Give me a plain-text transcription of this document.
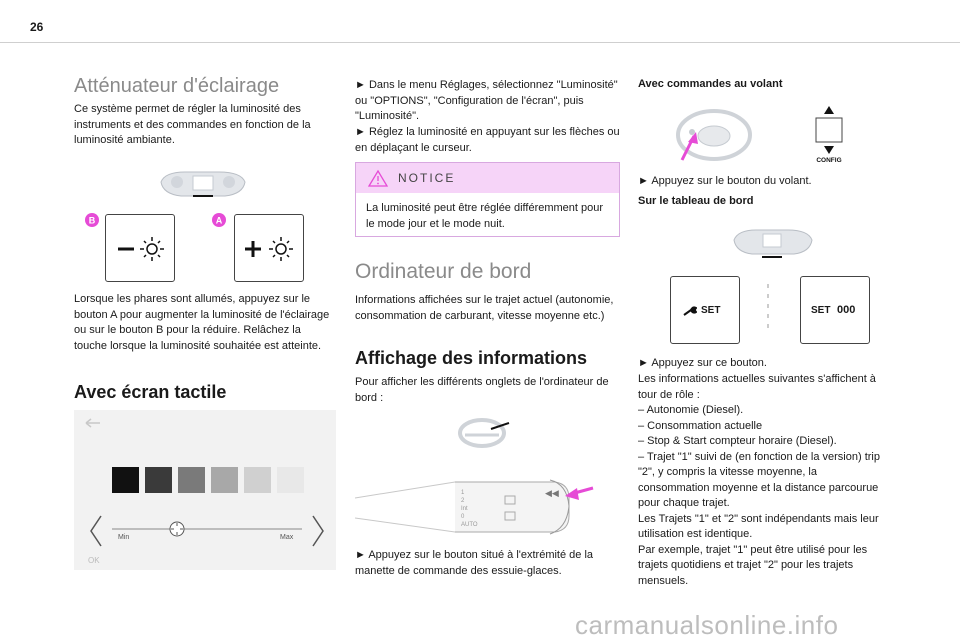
26
Atténuateur d'éclairage
Ce système permet de régler la luminosité des instruments et des commandes en fonction de la luminosité ambiante.
B	A
Lorsque les phares sont allumés, appuyez sur le bouton A pour augmenter la luminosité de l'éclairage ou sur le bouton B pour la réduire. Relâchez la touche lorsque la luminosité souhaitée est atteinte.
Avec écran tactile
Min	Max
OK
► Dans le menu Réglages, sélectionnez "Luminosité" ou "OPTIONS", "Configuration de l'écran", puis "Luminosité".
► Réglez la luminosité en appuyant sur les flèches ou en déplaçant le curseur.
NOTICE
La luminosité peut être réglée différemment pour le mode jour et le mode nuit.
Ordinateur de bord
Informations affichées sur le trajet actuel (autonomie, consommation de carburant, vitesse moyenne etc.)
Affichage des informations
Pour afficher les différents onglets de l'ordinateur de bord :
◀◀
1
2
Int
0
AUTO
► Appuyez sur le bouton situé à l'extrémité de la manette de commande des essuie-glaces.
Avec commandes au volant
CONFIG
► Appuyez sur le bouton du volant.
Sur le tableau de bord
SET	SET 000
► Appuyez sur ce bouton.
Les informations actuelles suivantes s'affichent à tour de rôle :
– Autonomie (Diesel).
– Consommation actuelle
– Stop & Start compteur horaire (Diesel).
– Trajet "1" suivi de (en fonction de la version) trip "2", y compris la vitesse moyenne, la consommation moyenne et la distance parcourue pour chaque trajet.
Les Trajets "1" et "2" sont indépendants mais leur utilisation est identique.
Par exemple, trajet "1" peut être utilisé pour les trajets quotidiens et trajet "2" pour les trajets mensuels.
carmanualsonline.info
